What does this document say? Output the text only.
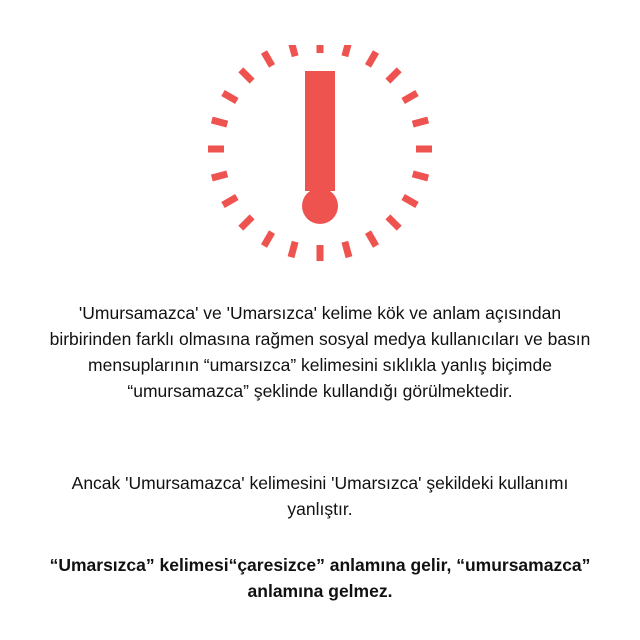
'Umursamazca' ve 'Umarsızca' kelime kök ve anlam açısından birbirinden farklı olmasına rağmen sosyal medya kullanıcıları ve basın mensuplarının “umarsızca” kelimesini sıklıkla yanlış biçimde “umursamazca” şeklinde kullandığı görülmektedir.

Ancak 'Umursamazca' kelimesini 'Umarsızca' şekildeki kullanımı yanlıştır.

“Umarsızca” kelimesi“çaresizce” anlamına gelir, “umursamazca” anlamına gelmez.
